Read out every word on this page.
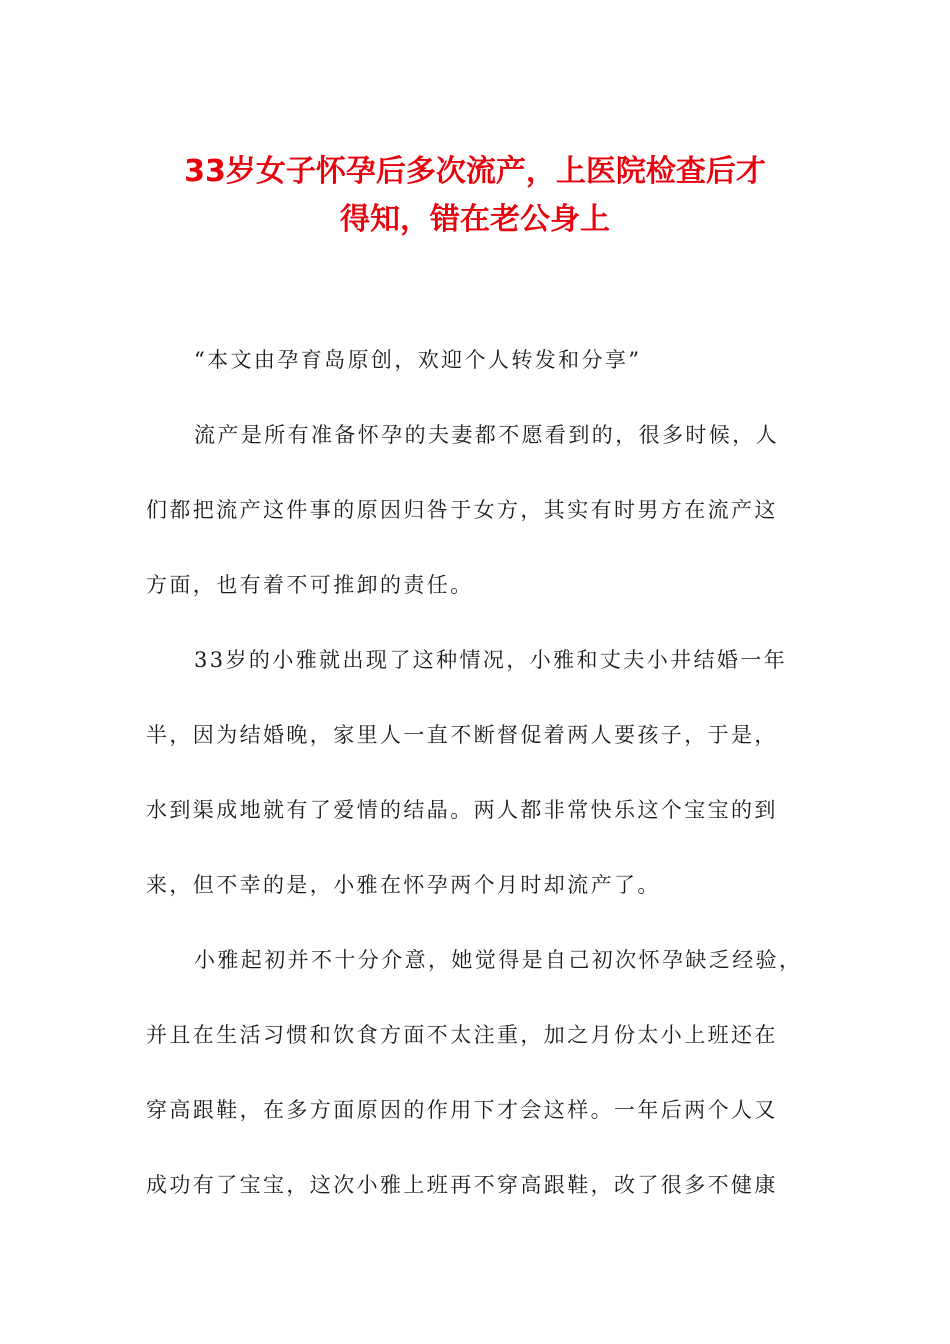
33岁女子怀孕后多次流产，上医院检查后才
得知，错在老公身上
“本文由孕育岛原创，欢迎个人转发和分享”
流产是所有准备怀孕的夫妻都不愿看到的，很多时候，人
们都把流产这件事的原因归咎于女方，其实有时男方在流产这
方面，也有着不可推卸的责任。
33岁的小雅就出现了这种情况，小雅和丈夫小井结婚一年
半，因为结婚晚，家里人一直不断督促着两人要孩子，于是，
水到渠成地就有了爱情的结晶。两人都非常快乐这个宝宝的到
来，但不幸的是，小雅在怀孕两个月时却流产了。
小雅起初并不十分介意，她觉得是自己初次怀孕缺乏经验，
并且在生活习惯和饮食方面不太注重，加之月份太小上班还在
穿高跟鞋，在多方面原因的作用下才会这样。一年后两个人又
成功有了宝宝，这次小雅上班再不穿高跟鞋，改了很多不健康
